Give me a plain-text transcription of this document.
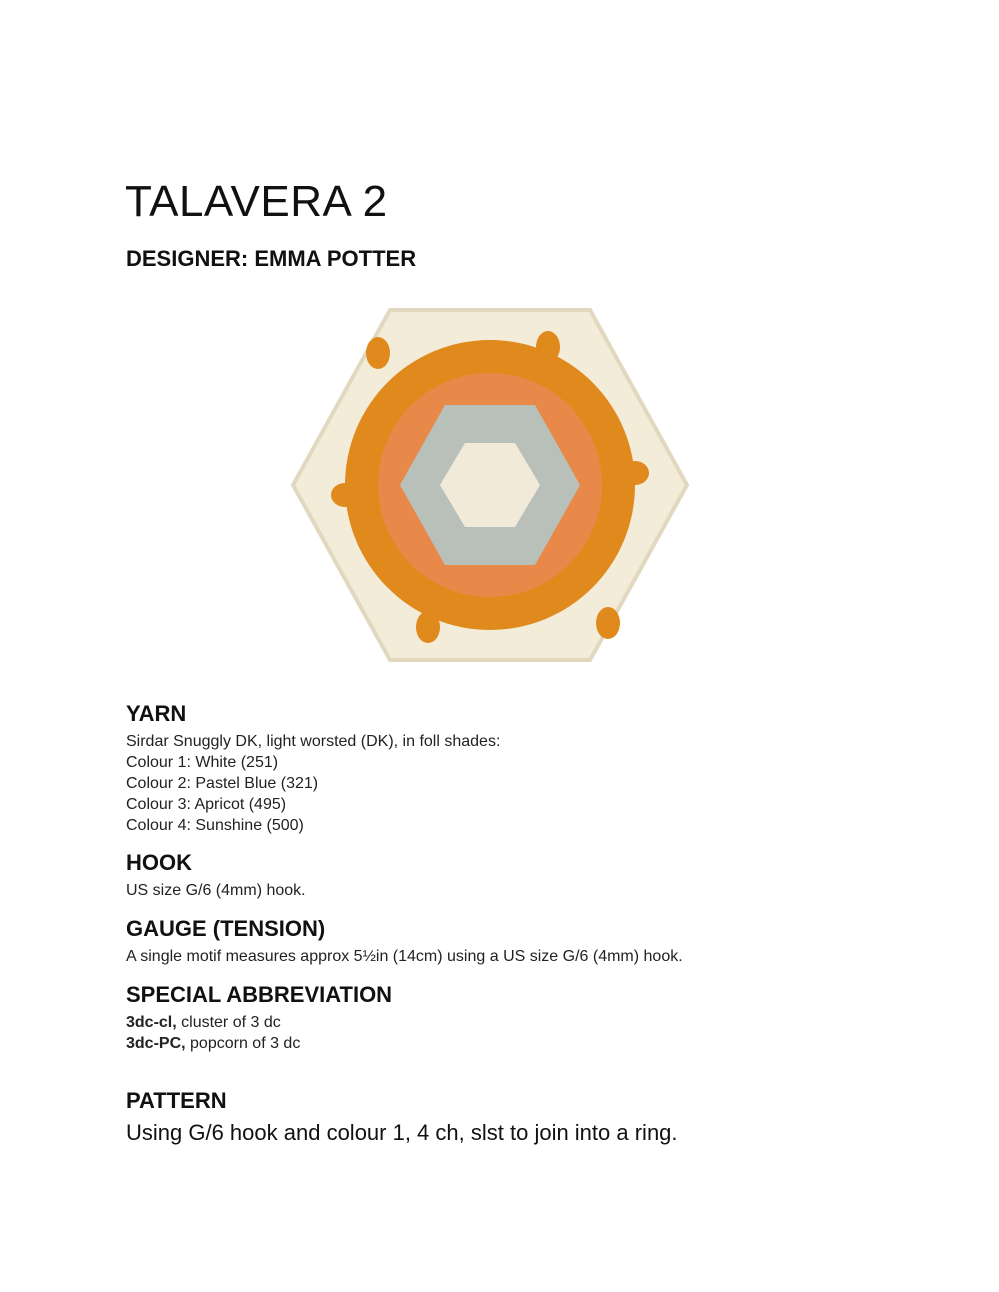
TALAVERA 2

DESIGNER: EMMA POTTER

YARN

Sirdar Snuggly DK, light worsted (DK), in foll shades:

Colour 1: White (251)

Colour 2: Pastel Blue (321)

Colour 3: Apricot (495)

Colour 4: Sunshine (500)

HOOK

US size G/6 (4mm) hook.

GAUGE (TENSION)

A single motif measures approx 5½in (14cm) using a US size G/6 (4mm) hook.

SPECIAL ABBREVIATION

3dc-cl, cluster of 3 dc

3dc-PC, popcorn of 3 dc

PATTERN

Using G/6 hook and colour 1, 4 ch, slst to join into a ring.
